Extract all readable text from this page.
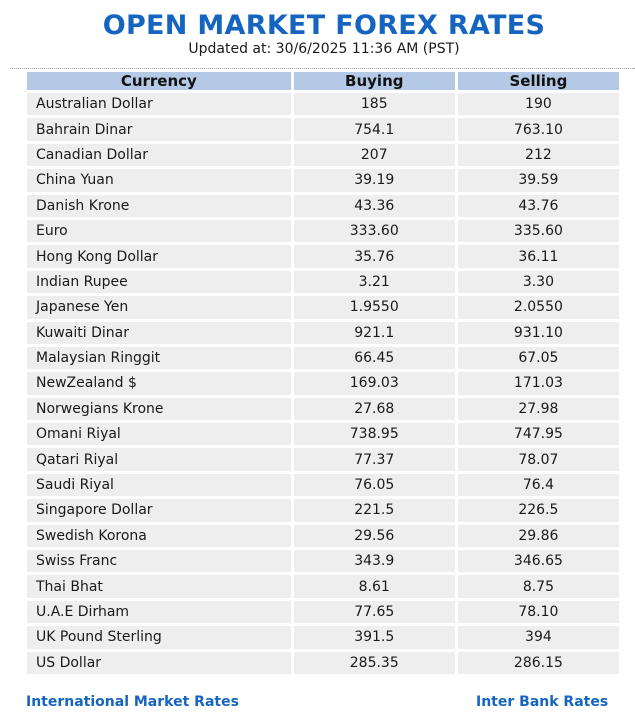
OPEN MARKET FOREX RATES
Updated at: 30/6/2025 11:36 AM (PST)
Currency	Buying	Selling
Australian Dollar	185	190
Bahrain Dinar	754.1	763.10
Canadian Dollar	207	212
China Yuan	39.19	39.59
Danish Krone	43.36	43.76
Euro	333.60	335.60
Hong Kong Dollar	35.76	36.11
Indian Rupee	3.21	3.30
Japanese Yen	1.9550	2.0550
Kuwaiti Dinar	921.1	931.10
Malaysian Ringgit	66.45	67.05
NewZealand $	169.03	171.03
Norwegians Krone	27.68	27.98
Omani Riyal	738.95	747.95
Qatari Riyal	77.37	78.07
Saudi Riyal	76.05	76.4
Singapore Dollar	221.5	226.5
Swedish Korona	29.56	29.86
Swiss Franc	343.9	346.65
Thai Bhat	8.61	8.75
U.A.E Dirham	77.65	78.10
UK Pound Sterling	391.5	394
US Dollar	285.35	286.15
International Market Rates	Inter Bank Rates
